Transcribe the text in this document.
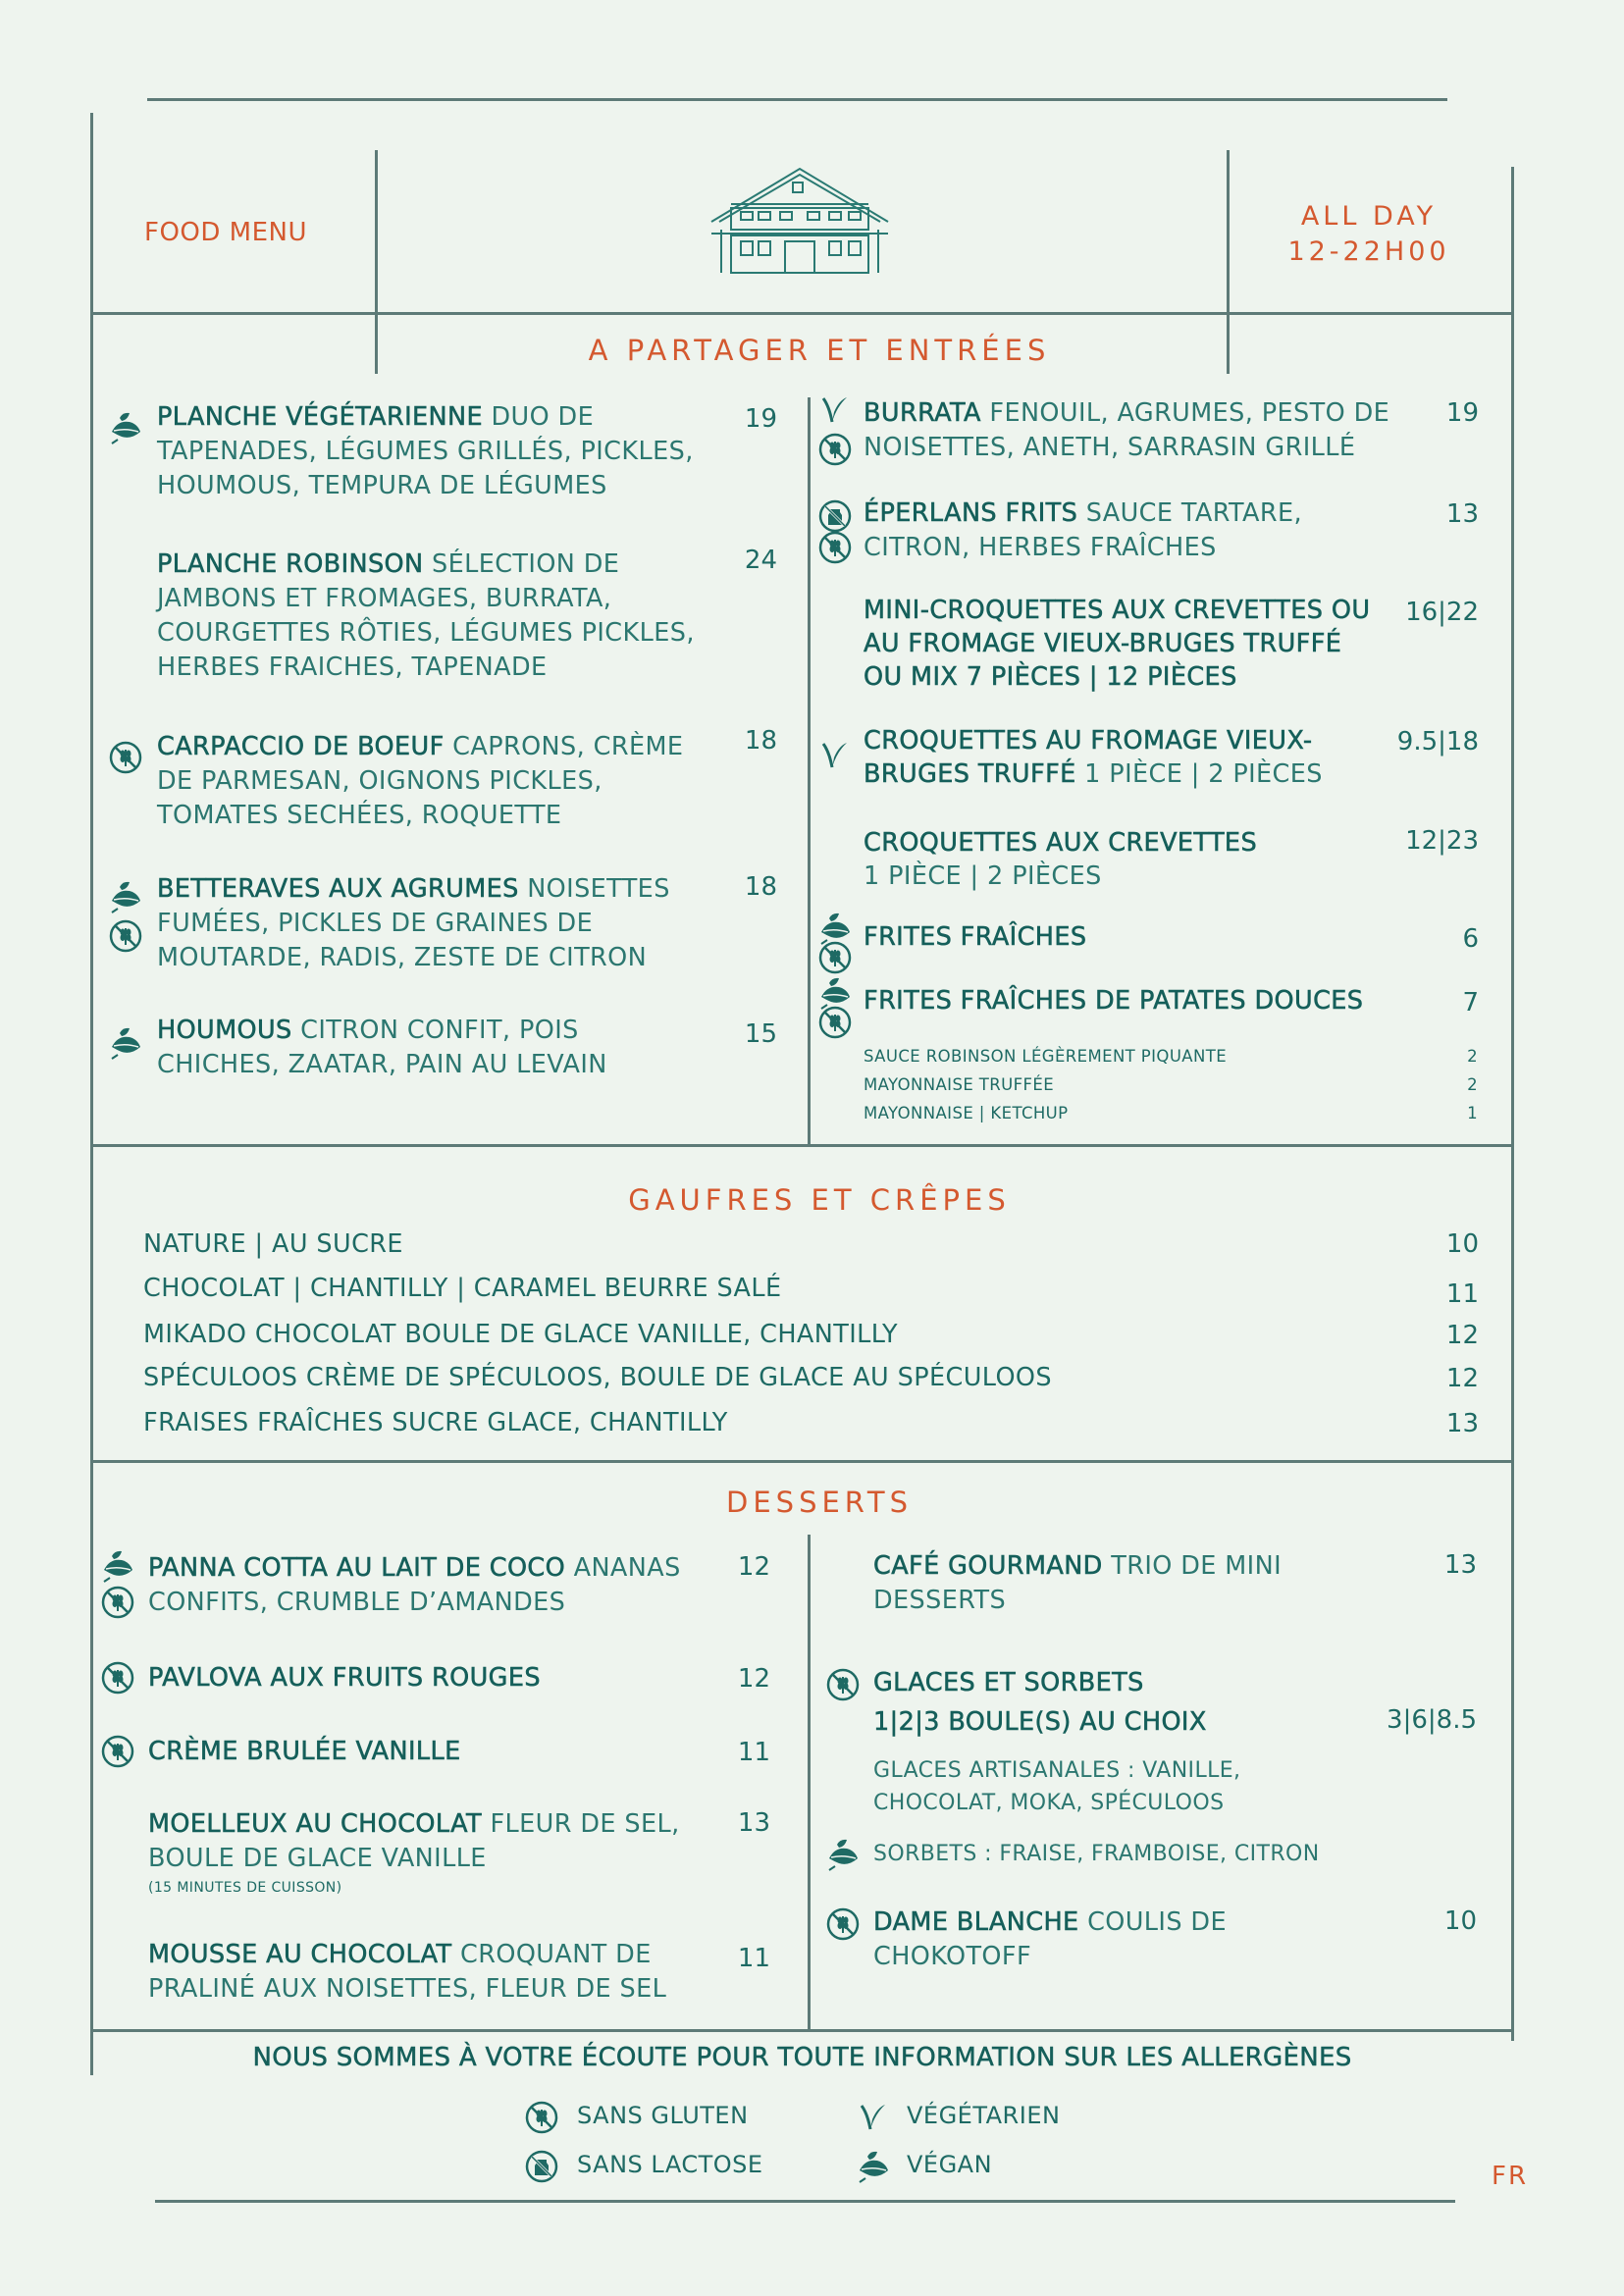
FOOD MENU
ALL DAY
12-22H00
A PARTAGER ET ENTRÉES
PLANCHE VÉGÉTARIENNE DUO DE
TAPENADES, LÉGUMES GRILLÉS, PICKLES,
HOUMOUS, TEMPURA DE LÉGUMES
19
PLANCHE ROBINSON SÉLECTION DE
JAMBONS ET FROMAGES, BURRATA,
COURGETTES RÔTIES, LÉGUMES PICKLES,
HERBES FRAICHES, TAPENADE
24
CARPACCIO DE BOEUF CAPRONS, CRÈME
DE PARMESAN, OIGNONS PICKLES,
TOMATES SECHÉES, ROQUETTE
18
BETTERAVES AUX AGRUMES NOISETTES
FUMÉES, PICKLES DE GRAINES DE
MOUTARDE, RADIS, ZESTE DE CITRON
18
HOUMOUS CITRON CONFIT, POIS
CHICHES, ZAATAR, PAIN AU LEVAIN
15
BURRATA FENOUIL, AGRUMES, PESTO DE
NOISETTES, ANETH, SARRASIN GRILLÉ
19
ÉPERLANS FRITS SAUCE TARTARE,
CITRON, HERBES FRAÎCHES
13
MINI-CROQUETTES AUX CREVETTES OU
AU FROMAGE VIEUX-BRUGES TRUFFÉ
OU MIX 7 PIÈCES | 12 PIÈCES
16|22
CROQUETTES AU FROMAGE VIEUX-
BRUGES TRUFFÉ 1 PIÈCE | 2 PIÈCES
9.5|18
CROQUETTES AUX CREVETTES
1 PIÈCE | 2 PIÈCES
12|23
FRITES FRAÎCHES	6
FRITES FRAÎCHES DE PATATES DOUCES	7
SAUCE ROBINSON LÉGÈREMENT PIQUANTE	2
MAYONNAISE TRUFFÉE	2
MAYONNAISE | KETCHUP	1
GAUFRES ET CRÊPES
NATURE | AU SUCRE	10
CHOCOLAT | CHANTILLY | CARAMEL BEURRE SALÉ	11
MIKADO CHOCOLAT BOULE DE GLACE VANILLE, CHANTILLY	12
SPÉCULOOS CRÈME DE SPÉCULOOS, BOULE DE GLACE AU SPÉCULOOS	12
FRAISES FRAÎCHES SUCRE GLACE, CHANTILLY	13
DESSERTS
PANNA COTTA AU LAIT DE COCO ANANAS
CONFITS, CRUMBLE D’AMANDES
12
PAVLOVA AUX FRUITS ROUGES	12
CRÈME BRULÉE VANILLE	11
MOELLEUX AU CHOCOLAT FLEUR DE SEL,
BOULE DE GLACE VANILLE
(15 MINUTES DE CUISSON)
13
MOUSSE AU CHOCOLAT CROQUANT DE
PRALINÉ AUX NOISETTES, FLEUR DE SEL
11
CAFÉ GOURMAND TRIO DE MINI
DESSERTS
13
GLACES ET SORBETS
1|2|3 BOULE(S) AU CHOIX	3|6|8.5
GLACES ARTISANALES : VANILLE,
CHOCOLAT, MOKA, SPÉCULOOS
SORBETS : FRAISE, FRAMBOISE, CITRON
DAME BLANCHE COULIS DE
CHOKOTOFF
10
NOUS SOMMES À VOTRE ÉCOUTE POUR TOUTE INFORMATION SUR LES ALLERGÈNES
SANS GLUTEN
SANS LACTOSE
VÉGÉTARIEN
VÉGAN	FR
